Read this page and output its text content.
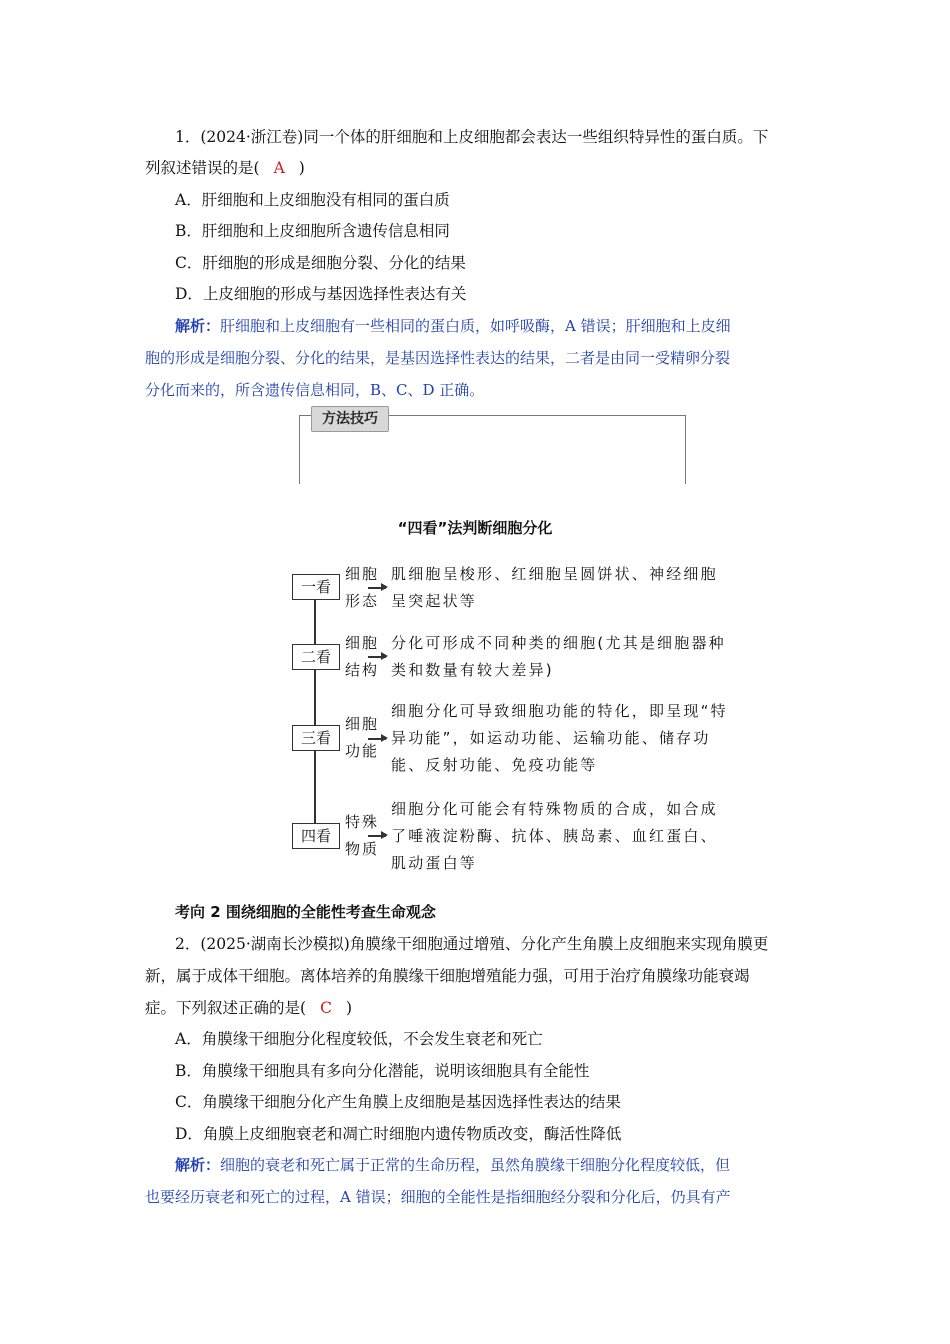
1．(2024·浙江卷)同一个体的肝细胞和上皮细胞都会表达一些组织特异性的蛋白质。下
列叙述错误的是( A )
A．肝细胞和上皮细胞没有相同的蛋白质
B．肝细胞和上皮细胞所含遗传信息相同
C．肝细胞的形成是细胞分裂、分化的结果
D．上皮细胞的形成与基因选择性表达有关
解析：肝细胞和上皮细胞有一些相同的蛋白质，如呼吸酶，A 错误；肝细胞和上皮细
胞的形成是细胞分裂、分化的结果，是基因选择性表达的结果，二者是由同一受精卵分裂
分化而来的，所含遗传信息相同，B、C、D 正确。
方法技巧
“四看”法判断细胞分化
一看
细胞形态
肌细胞呈梭形、红细胞呈圆饼状、神经细胞呈突起状等
二看
细胞结构
分化可形成不同种类的细胞(尤其是细胞器种类和数量有较大差异)
三看
细胞功能
细胞分化可导致细胞功能的特化，即呈现“特异功能”，如运动功能、运输功能、储存功能、反射功能、免疫功能等
四看
特殊物质
细胞分化可能会有特殊物质的合成，如合成了唾液淀粉酶、抗体、胰岛素、血红蛋白、肌动蛋白等
考向 2 围绕细胞的全能性考查生命观念
2．(2025·湖南长沙模拟)角膜缘干细胞通过增殖、分化产生角膜上皮细胞来实现角膜更
新，属于成体干细胞。离体培养的角膜缘干细胞增殖能力强，可用于治疗角膜缘功能衰竭
症。下列叙述正确的是( C )
A．角膜缘干细胞分化程度较低，不会发生衰老和死亡
B．角膜缘干细胞具有多向分化潜能，说明该细胞具有全能性
C．角膜缘干细胞分化产生角膜上皮细胞是基因选择性表达的结果
D．角膜上皮细胞衰老和凋亡时细胞内遗传物质改变，酶活性降低
解析：细胞的衰老和死亡属于正常的生命历程，虽然角膜缘干细胞分化程度较低，但
也要经历衰老和死亡的过程，A 错误；细胞的全能性是指细胞经分裂和分化后，仍具有产
